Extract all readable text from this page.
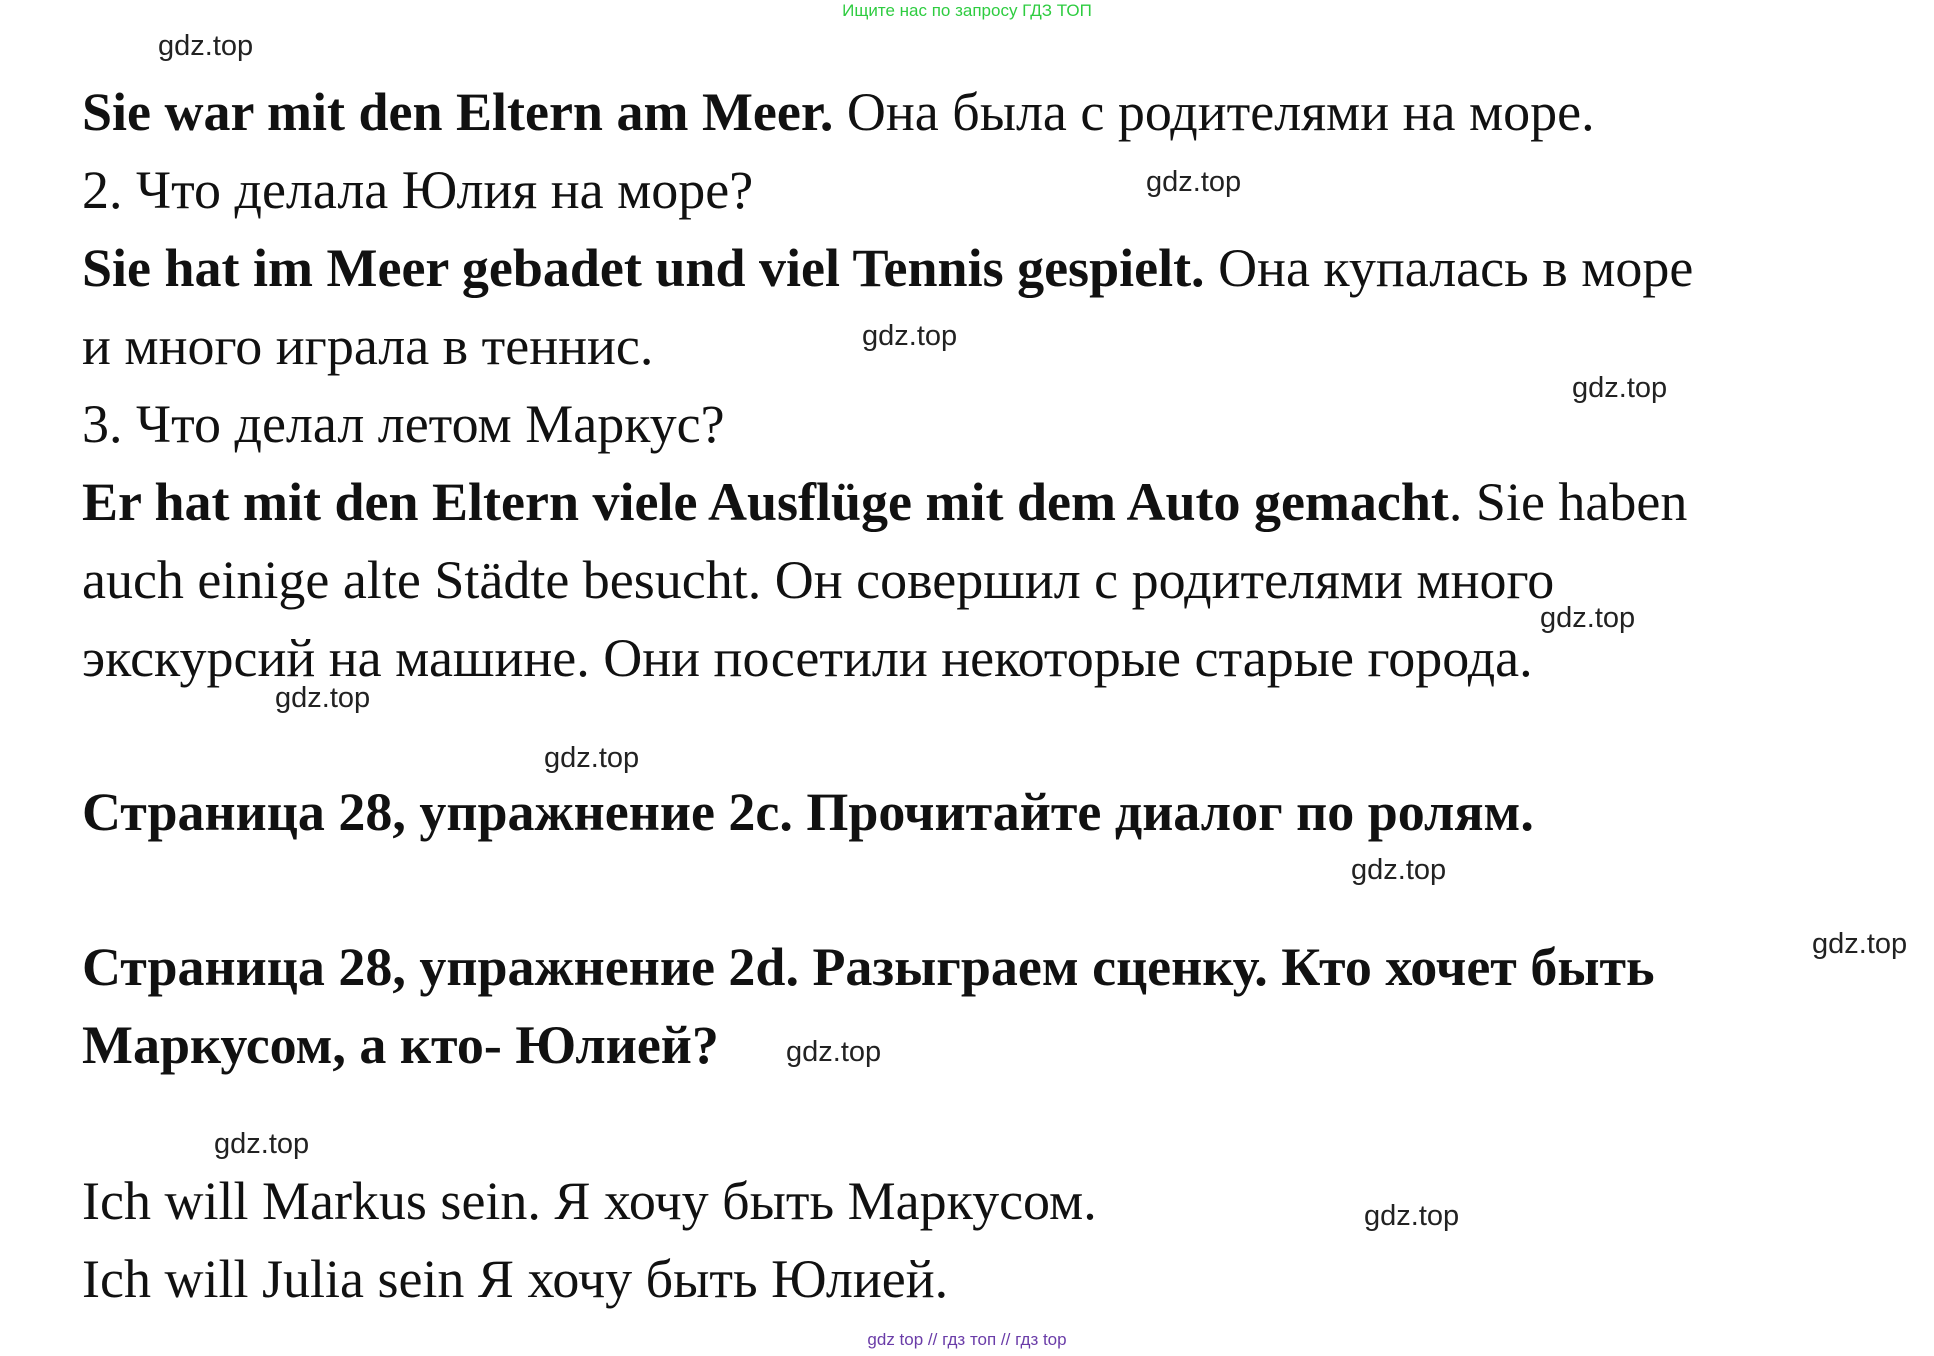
Ищите нас по запросу ГДЗ ТОП
gdz.top
gdz.top
gdz.top
gdz.top
gdz.top
gdz.top
gdz.top
gdz.top
gdz.top
gdz.top
gdz.top
gdz.top
Sie war mit den Eltern am Meer. Она была с родителями на море.
2. Что делала Юлия на море?
Sie hat im Meer gebadet und viel Tennis gespielt. Она купалась в море
и много играла в теннис.
3. Что делал летом Маркус?
Er hat mit den Eltern viele Ausflüge mit dem Auto gemacht. Sie haben
auch einige alte Städte besucht. Он совершил с родителями много
экскурсий на машине. Они посетили некоторые старые города.
Страница 28, упражнение 2с. Прочитайте диалог по ролям.
Страница 28, упражнение 2d. Разыграем сценку. Кто хочет быть
Маркусом, а кто- Юлией?
Ich will Markus sein. Я хочу быть Маркусом.
Ich will Julia sein Я хочу быть Юлией.
gdz top // гдз топ // гдз top
